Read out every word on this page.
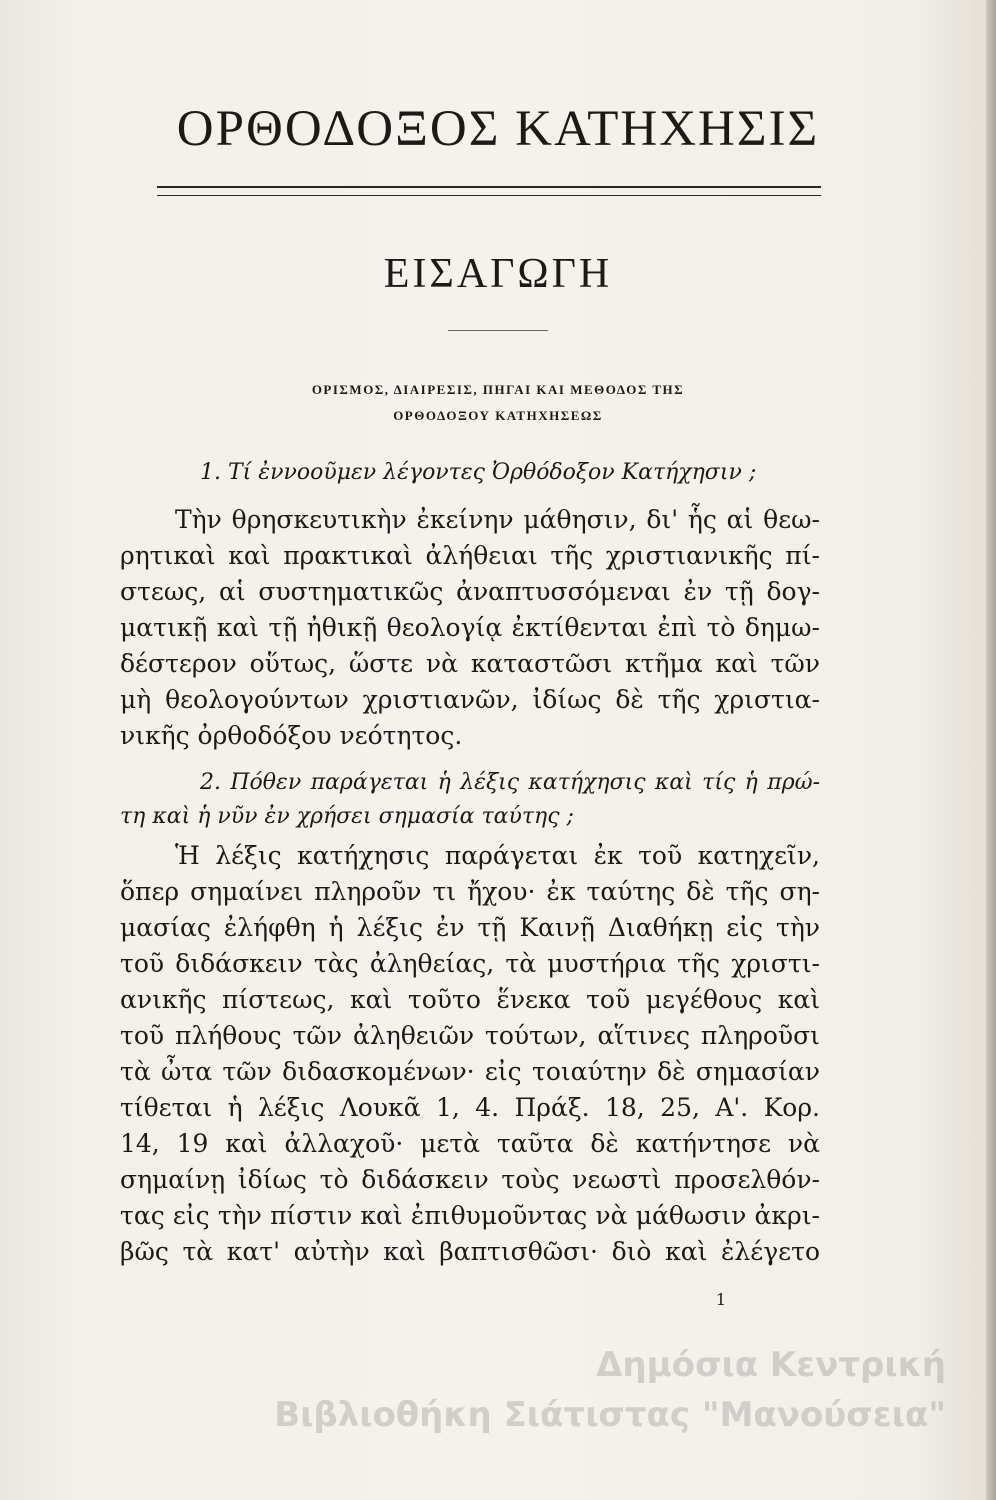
ΟΡΘΟΔΟΞΟΣ ΚΑΤΗΧΗΣΙΣ
ΕΙΣΑΓΩΓΗ
ΟΡΙΣΜΟΣ, ΔΙΑΙΡΕΣΙΣ, ΠΗΓΑΙ ΚΑΙ ΜΕΘΟΔΟΣ ΤΗΣ
ΟΡΘΟΔΟΞΟΥ ΚΑΤΗΧΗΣΕΩΣ
1. Τί ἐννοοῦμεν λέγοντες Ὀρθόδοξον Κατήχησιν ;
Τὴν θρησκευτικὴν ἐκείνην μάθησιν, δι' ἧς αἱ θεω-
ρητικαὶ καὶ πρακτικαὶ ἀλήθειαι τῆς χριστιανικῆς πί-
στεως, αἱ συστηματικῶς ἀναπτυσσόμεναι ἐν τῇ δογ-
ματικῇ καὶ τῇ ἠθικῇ θεολογίᾳ ἐκτίθενται ἐπὶ τὸ δημω-
δέστερον οὕτως, ὥστε νὰ καταστῶσι κτῆμα καὶ τῶν
μὴ θεολογούντων χριστιανῶν, ἰδίως δὲ τῆς χριστια-
νικῆς ὀρθοδόξου νεότητος.
2. Πόθεν παράγεται ἡ λέξις κατήχησις καὶ τίς ἡ πρώ-
τη καὶ ἡ νῦν ἐν χρήσει σημασία ταύτης ;
Ἡ λέξις κατήχησις παράγεται ἐκ τοῦ κατηχεῖν,
ὅπερ σημαίνει πληροῦν τι ἤχου· ἐκ ταύτης δὲ τῆς ση-
μασίας ἐλήφθη ἡ λέξις ἐν τῇ Καινῇ Διαθήκῃ εἰς τὴν
τοῦ διδάσκειν τὰς ἀληθείας, τὰ μυστήρια τῆς χριστι-
ανικῆς πίστεως, καὶ τοῦτο ἕνεκα τοῦ μεγέθους καὶ
τοῦ πλήθους τῶν ἀληθειῶν τούτων, αἵτινες πληροῦσι
τὰ ὦτα τῶν διδασκομένων· εἰς τοιαύτην δὲ σημασίαν
τίθεται ἡ λέξις Λουκᾶ 1, 4. Πράξ. 18, 25, Α'. Κορ.
14, 19 καὶ ἀλλαχοῦ· μετὰ ταῦτα δὲ κατήντησε νὰ
σημαίνῃ ἰδίως τὸ διδάσκειν τοὺς νεωστὶ προσελθόν-
τας εἰς τὴν πίστιν καὶ ἐπιθυμοῦντας νὰ μάθωσιν ἀκρι-
βῶς τὰ κατ' αὐτὴν καὶ βαπτισθῶσι· διὸ καὶ ἐλέγετο
1
Δημόσια Κεντρική
Βιβλιοθήκη Σιάτιστας "Μανούσεια"
